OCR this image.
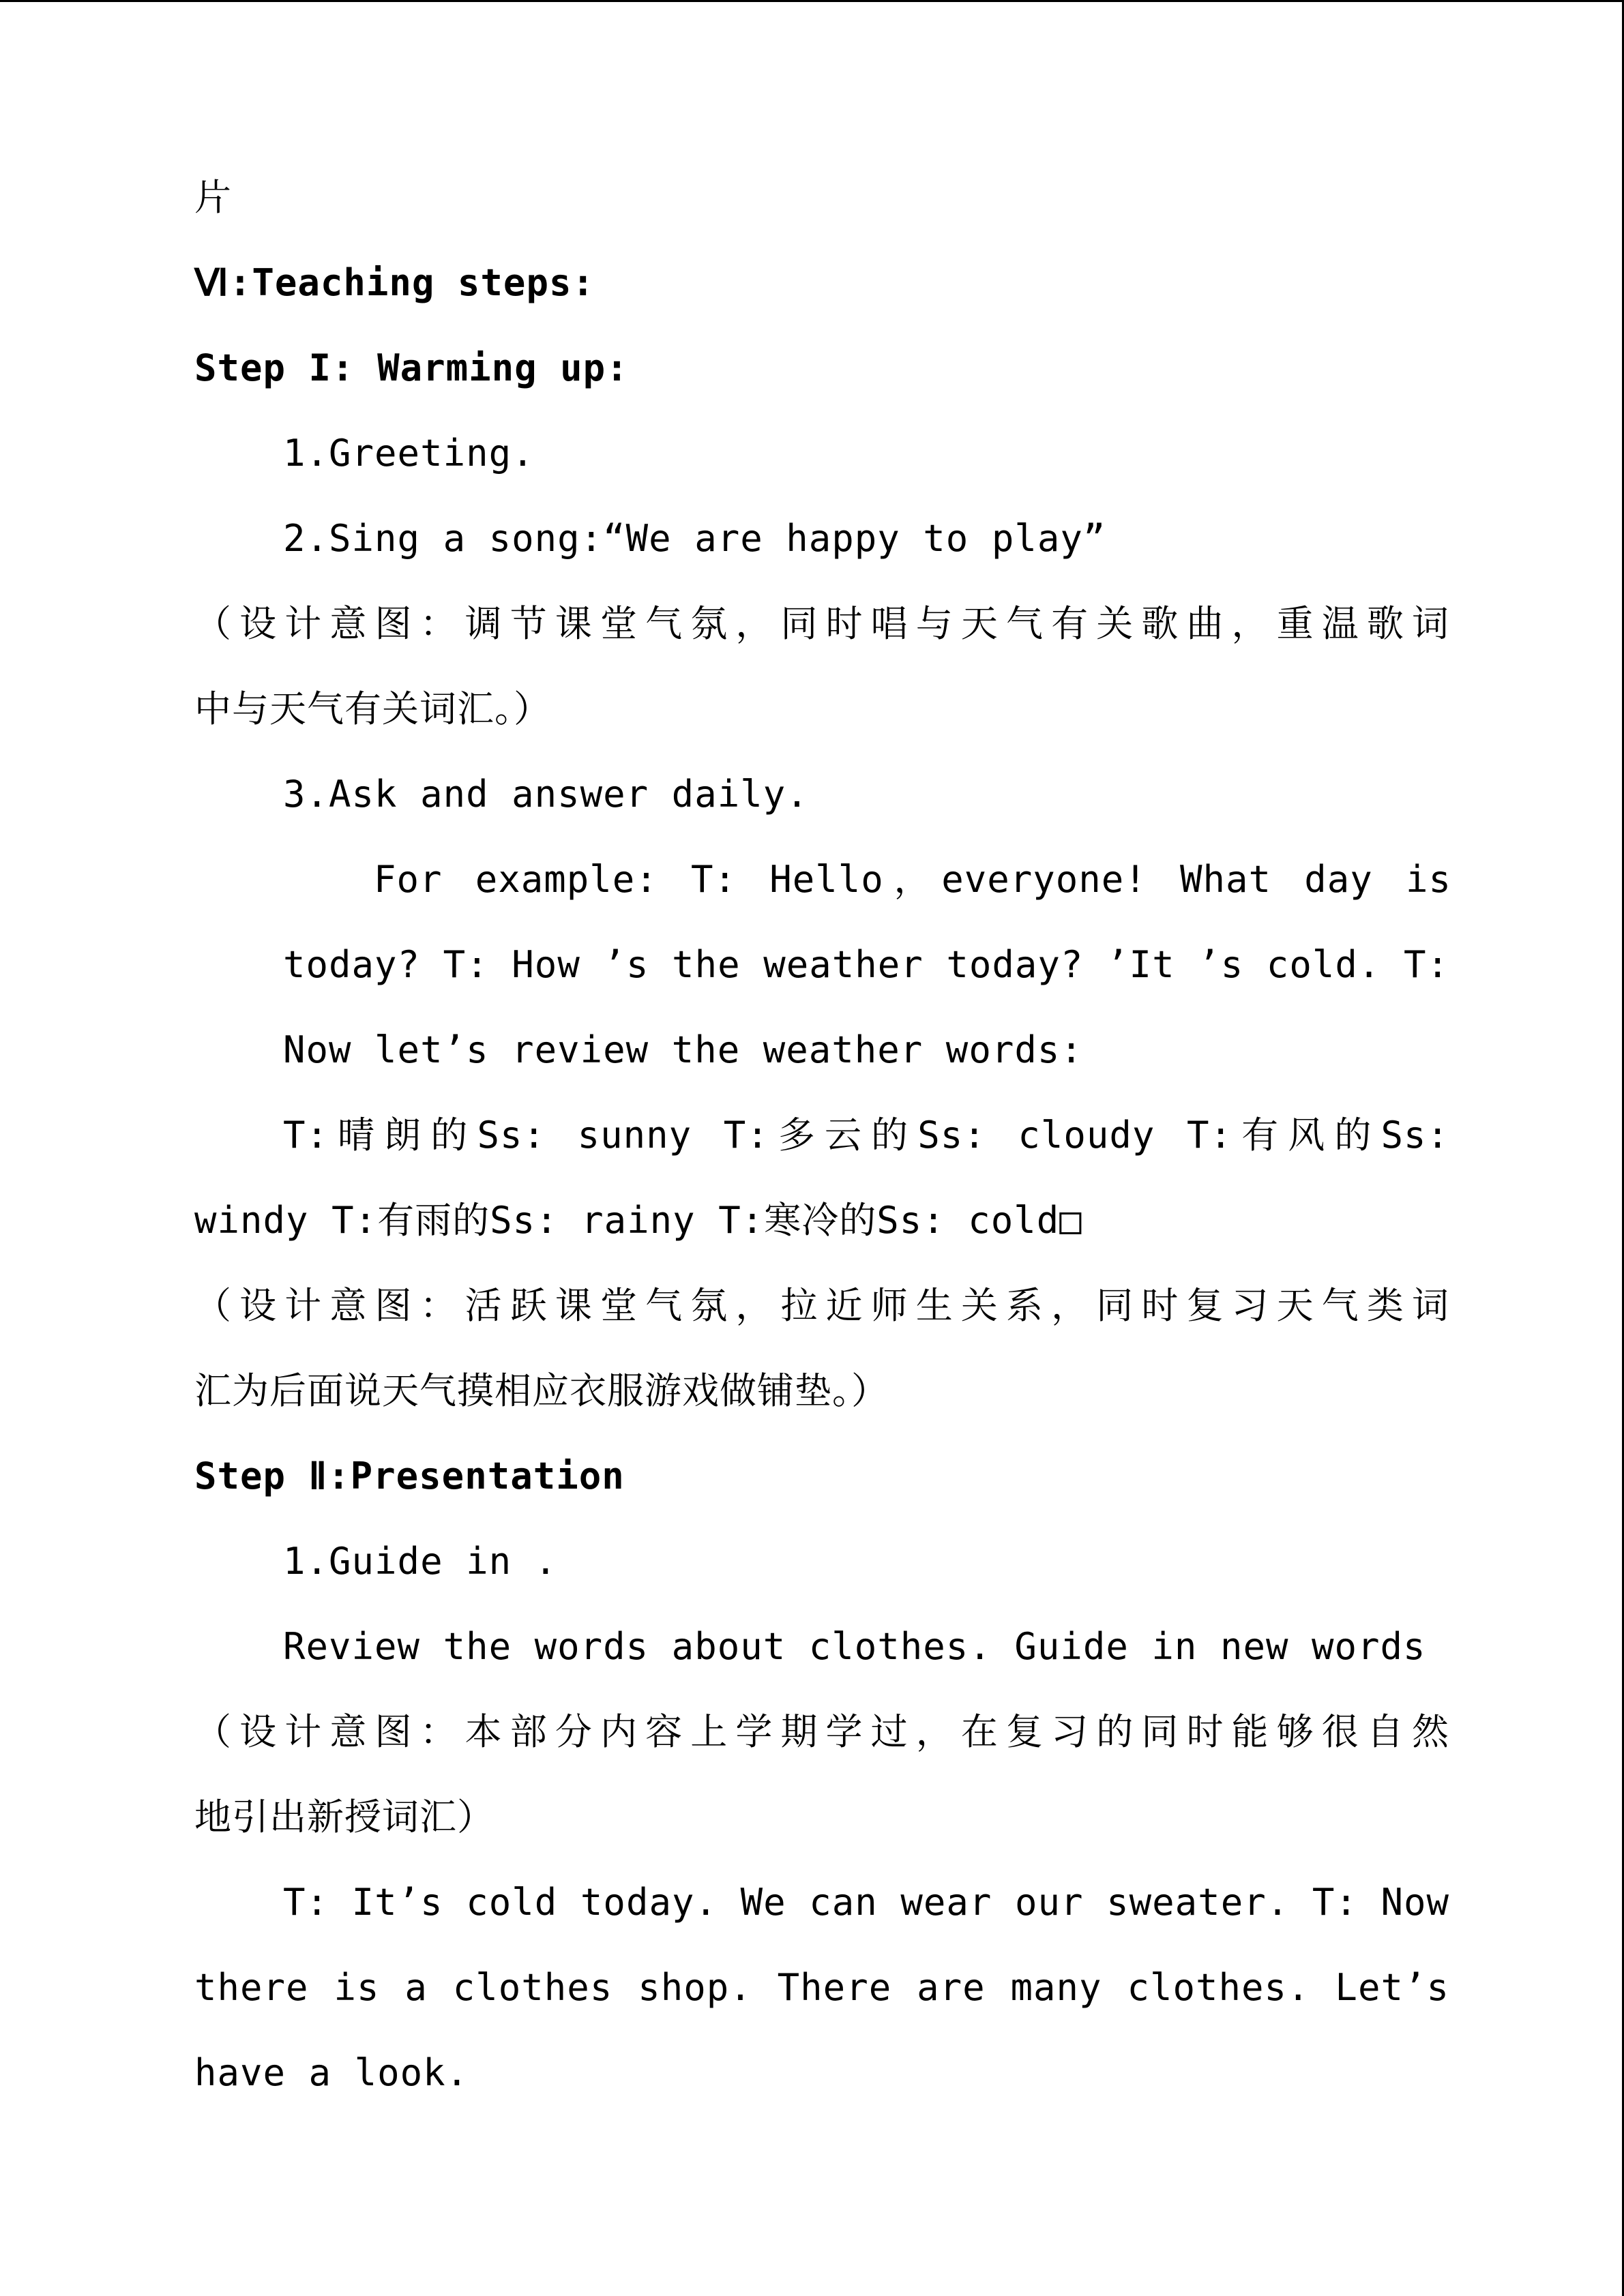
片
Ⅵ:Teaching steps:
Step I: Warming up:
1.Greeting.
2.Sing a song:“We are happy to play”
（设计意图：调节课堂气氛，同时唱与天气有关歌曲，重温歌词
中与天气有关词汇。）
3.Ask and answer daily.
For example: T: Hello，everyone! What day is
today? T: How ’s the weather today? ’It ’s cold. T:
Now let’s review the weather words:
T:晴朗的Ss: sunny T:多云的Ss: cloudy T:有风的Ss:
windy T:有雨的Ss: rainy T:寒冷的Ss: cold□
（设计意图：活跃课堂气氛，拉近师生关系，同时复习天气类词
汇为后面说天气摸相应衣服游戏做铺垫。）
Step Ⅱ:Presentation
1.Guide in .
Review the words about clothes. Guide in new words
（设计意图：本部分内容上学期学过，在复习的同时能够很自然
地引出新授词汇）
T: It’s cold today. We can wear our sweater. T: Now
there is a clothes shop. There are many clothes. Let’s
have a look.
